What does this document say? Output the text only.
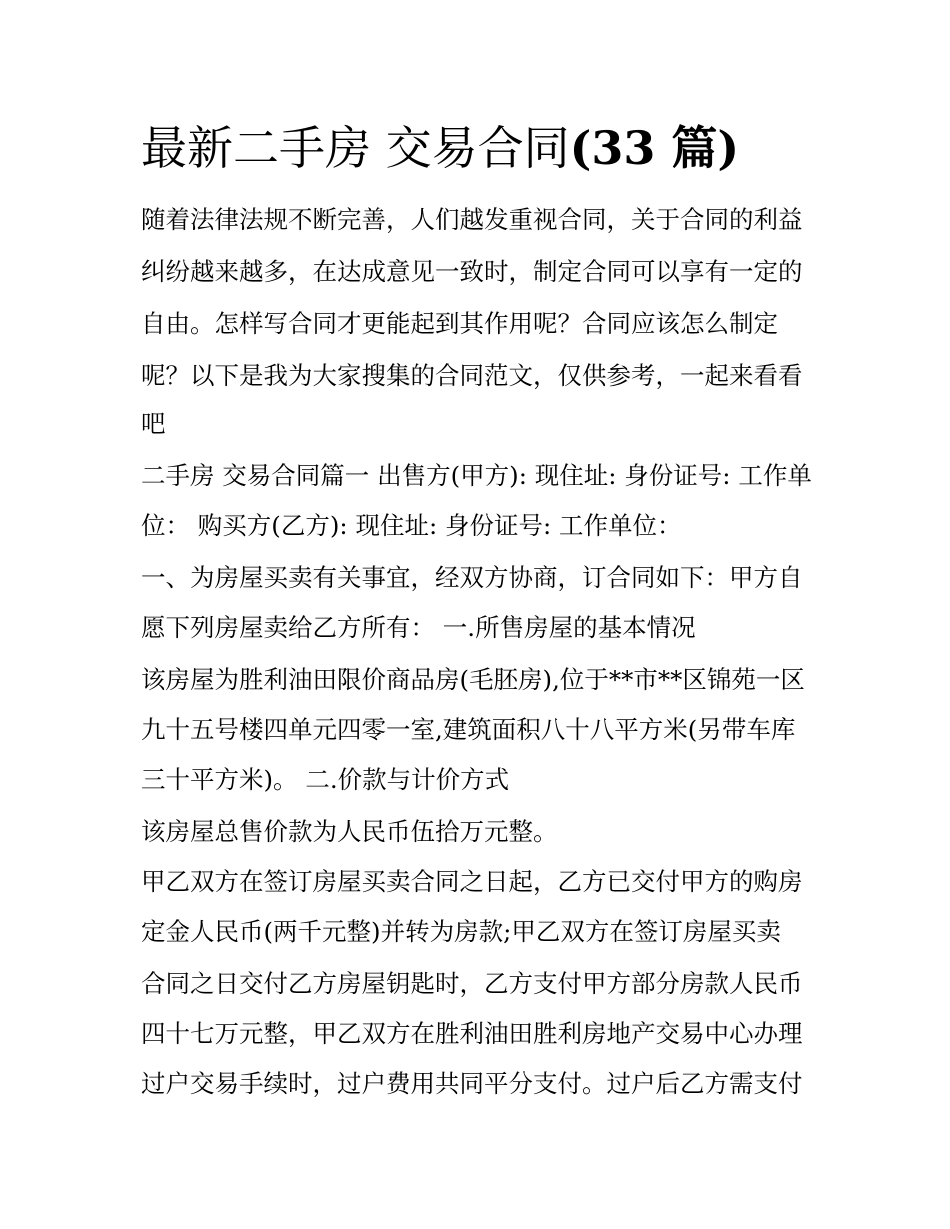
最新二手房 交易合同(33 篇)

随着法律法规不断完善，人们越发重视合同，关于合同的利益

纠纷越来越多，在达成意见一致时，制定合同可以享有一定的

自由。怎样写合同才更能起到其作用呢？合同应该怎么制定

呢？以下是我为大家搜集的合同范文，仅供参考，一起来看看

吧

二手房 交易合同篇一 出售方(甲方): 现住址: 身份证号: 工作单

位： 购买方(乙方): 现住址: 身份证号: 工作单位：

一、为房屋买卖有关事宜，经双方协商，订合同如下：甲方自

愿下列房屋卖给乙方所有： 一.所售房屋的基本情况

该房屋为胜利油田限价商品房(毛胚房),位于**市**区锦苑一区

九十五号楼四单元四零一室,建筑面积八十八平方米(另带车库

三十平方米)。 二.价款与计价方式

该房屋总售价款为人民币伍拾万元整。

甲乙双方在签订房屋买卖合同之日起，乙方已交付甲方的购房

定金人民币(两千元整)并转为房款;甲乙双方在签订房屋买卖

合同之日交付乙方房屋钥匙时，乙方支付甲方部分房款人民币

四十七万元整，甲乙双方在胜利油田胜利房地产交易中心办理

过户交易手续时，过户费用共同平分支付。过户后乙方需支付
